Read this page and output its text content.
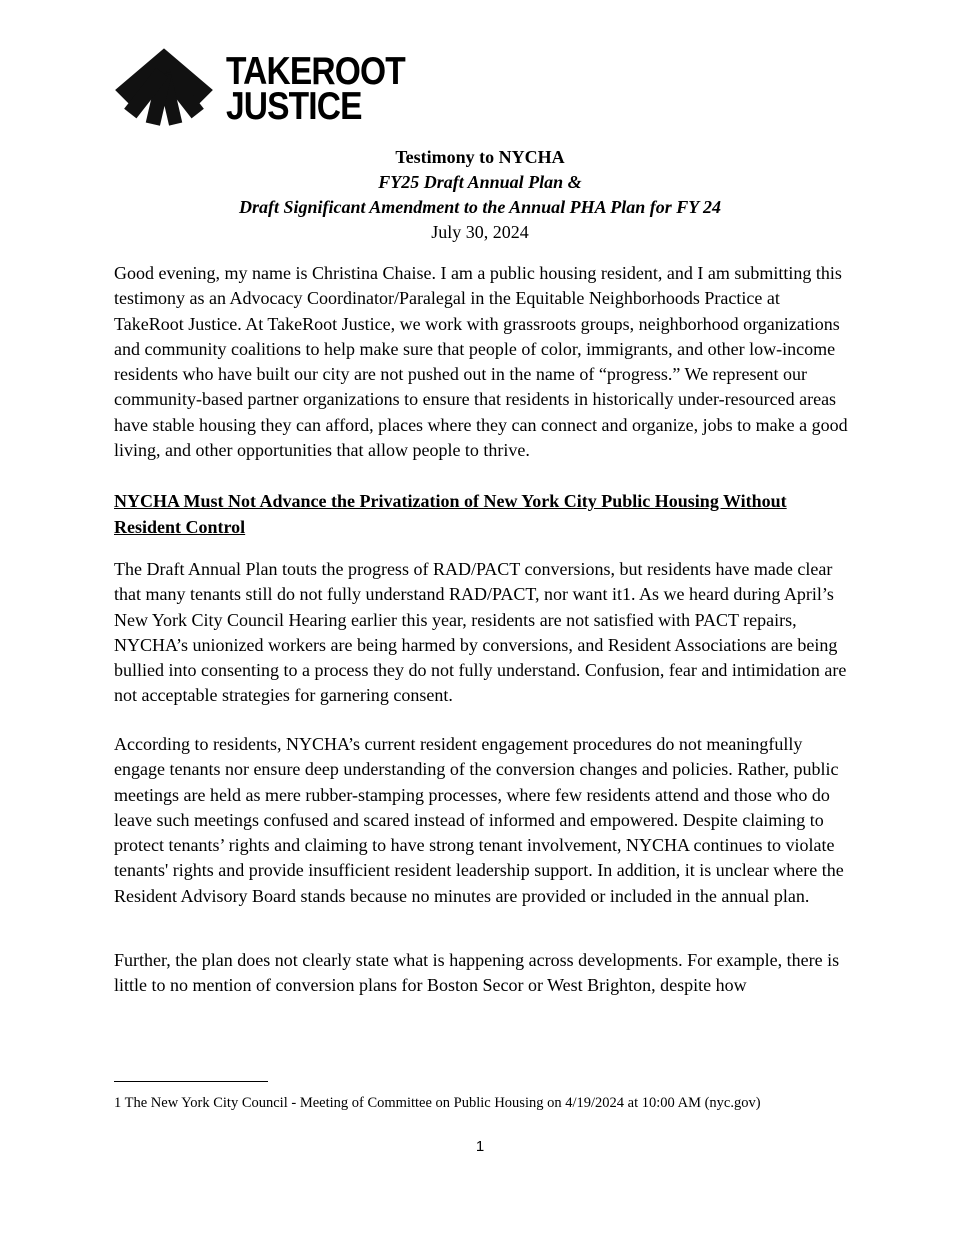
TAKEROOT
JUSTICE
Testimony to NYCHA
FY25 Draft Annual Plan &
Draft Significant Amendment to the Annual PHA Plan for FY 24
July 30, 2024

Good evening, my name is Christina Chaise. I am a public housing resident, and I am submitting this testimony as an Advocacy Coordinator/Paralegal in the Equitable Neighborhoods Practice at TakeRoot Justice. At TakeRoot Justice, we work with grassroots groups, neighborhood organizations and community coalitions to help make sure that people of color, immigrants, and other low-income residents who have built our city are not pushed out in the name of “progress.” We represent our community-based partner organizations to ensure that residents in historically under-resourced areas have stable housing they can afford, places where they can connect and organize, jobs to make a good living, and other opportunities that allow people to thrive.

NYCHA Must Not Advance the Privatization of New York City Public Housing Without Resident Control

The Draft Annual Plan touts the progress of RAD/PACT conversions, but residents have made clear that many tenants still do not fully understand RAD/PACT, nor want it1. As we heard during April’s New York City Council Hearing earlier this year, residents are not satisfied with PACT repairs, NYCHA’s unionized workers are being harmed by conversions, and Resident Associations are being bullied into consenting to a process they do not fully understand. Confusion, fear and intimidation are not acceptable strategies for garnering consent.

According to residents, NYCHA’s current resident engagement procedures do not meaningfully engage tenants nor ensure deep understanding of the conversion changes and policies. Rather, public meetings are held as mere rubber-stamping processes, where few residents attend and those who do leave such meetings confused and scared instead of informed and empowered. Despite claiming to protect tenants’ rights and claiming to have strong tenant involvement, NYCHA continues to violate tenants' rights and provide insufficient resident leadership support. In addition, it is unclear where the Resident Advisory Board stands because no minutes are provided or included in the annual plan.

Further, the plan does not clearly state what is happening across developments. For example, there is little to no mention of conversion plans for Boston Secor or West Brighton, despite how

1 The New York City Council - Meeting of Committee on Public Housing on 4/19/2024 at 10:00 AM (nyc.gov)
1
